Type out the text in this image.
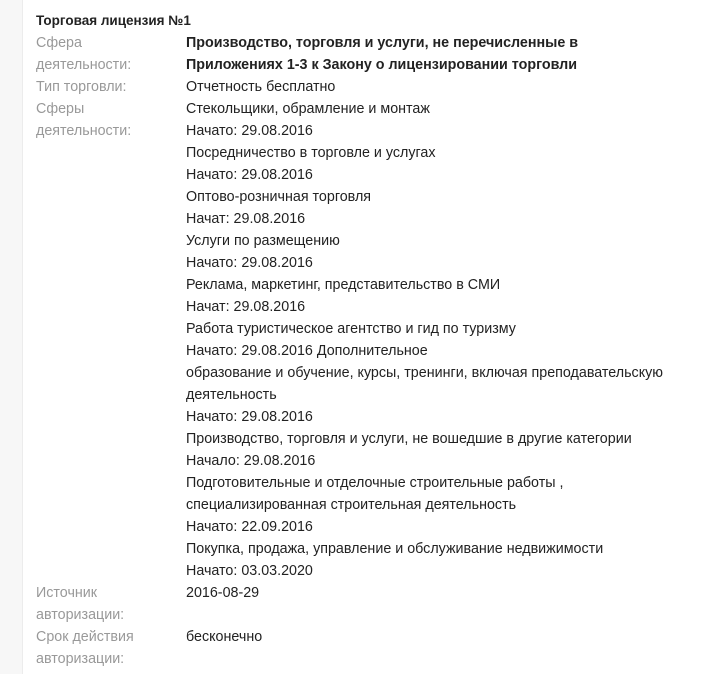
Торговая лицензия №1
Сфера
деятельности:
Производство, торговля и услуги, не перечисленные в
Приложениях 1-3 к Закону о лицензировании торговли
Тип торговли:	Отчетность бесплатно
Сферы
деятельности:
Стекольщики, обрамление и монтаж
Начато: 29.08.2016
Посредничество в торговле и услугах
Начато: 29.08.2016
Оптово-розничная торговля
Начат: 29.08.2016
Услуги по размещению
Начато: 29.08.2016
Реклама, маркетинг, представительство в СМИ
Начат: 29.08.2016
Работа туристическое агентство и гид по туризму
Начато: 29.08.2016 Дополнительное
образование и обучение, курсы, тренинги, включая преподавательскую
деятельность
Начато: 29.08.2016
Производство, торговля и услуги, не вошедшие в другие категории
Начало: 29.08.2016
Подготовительные и отделочные строительные работы ,
специализированная строительная деятельность
Начато: 22.09.2016
Покупка, продажа, управление и обслуживание недвижимости
Начато: 03.03.2020
Источник
авторизации:
2016-08-29
Срок действия
авторизации:
бесконечно
